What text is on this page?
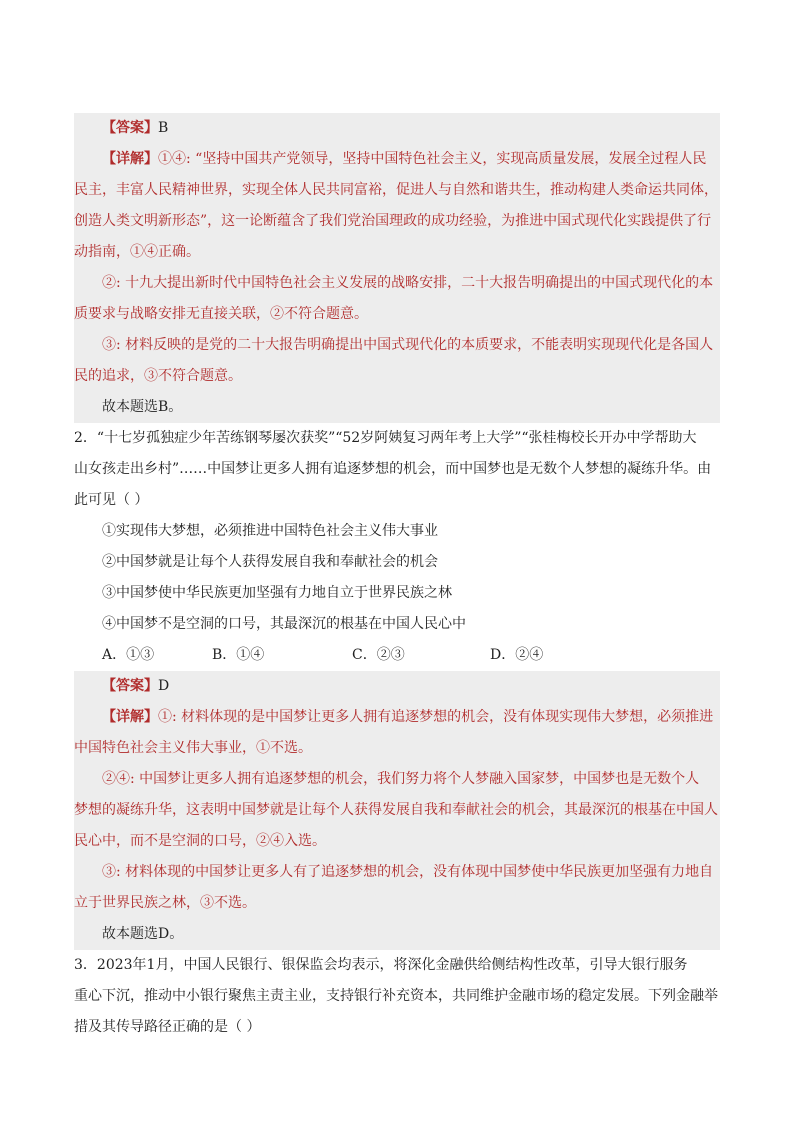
【答案】B
【详解】①④: “坚持中国共产党领导，坚持中国特色社会主义，实现高质量发展，发展全过程人民
民主，丰富人民精神世界，实现全体人民共同富裕，促进人与自然和谐共生，推动构建人类命运共同体，
创造人类文明新形态”，这一论断蕴含了我们党治国理政的成功经验，为推进中国式现代化实践提供了行
动指南，①④正确。
②: 十九大提出新时代中国特色社会主义发展的战略安排，二十大报告明确提出的中国式现代化的本
质要求与战略安排无直接关联，②不符合题意。
③: 材料反映的是党的二十大报告明确提出中国式现代化的本质要求，不能表明实现现代化是各国人
民的追求，③不符合题意。
故本题选B。
2．“十七岁孤独症少年苦练钢琴屡次获奖”“52岁阿姨复习两年考上大学”“张桂梅校长开办中学帮助大
山女孩走出乡村”……中国梦让更多人拥有追逐梦想的机会，而中国梦也是无数个人梦想的凝练升华。由
此可见（ ）
①实现伟大梦想，必须推进中国特色社会主义伟大事业
②中国梦就是让每个人获得发展自我和奉献社会的机会
③中国梦使中华民族更加坚强有力地自立于世界民族之林
④中国梦不是空洞的口号，其最深沉的根基在中国人民心中
A．①③	B．①④	C．②③	D．②④
【答案】D
【详解】①: 材料体现的是中国梦让更多人拥有追逐梦想的机会，没有体现实现伟大梦想，必须推进
中国特色社会主义伟大事业，①不选。
②④: 中国梦让更多人拥有追逐梦想的机会，我们努力将个人梦融入国家梦，中国梦也是无数个人
梦想的凝练升华，这表明中国梦就是让每个人获得发展自我和奉献社会的机会，其最深沉的根基在中国人
民心中，而不是空洞的口号，②④入选。
③: 材料体现的中国梦让更多人有了追逐梦想的机会，没有体现中国梦使中华民族更加坚强有力地自
立于世界民族之林，③不选。
故本题选D。
3．2023年1月，中国人民银行、银保监会均表示，将深化金融供给侧结构性改革，引导大银行服务
重心下沉，推动中小银行聚焦主责主业，支持银行补充资本，共同维护金融市场的稳定发展。下列金融举
措及其传导路径正确的是（ ）
